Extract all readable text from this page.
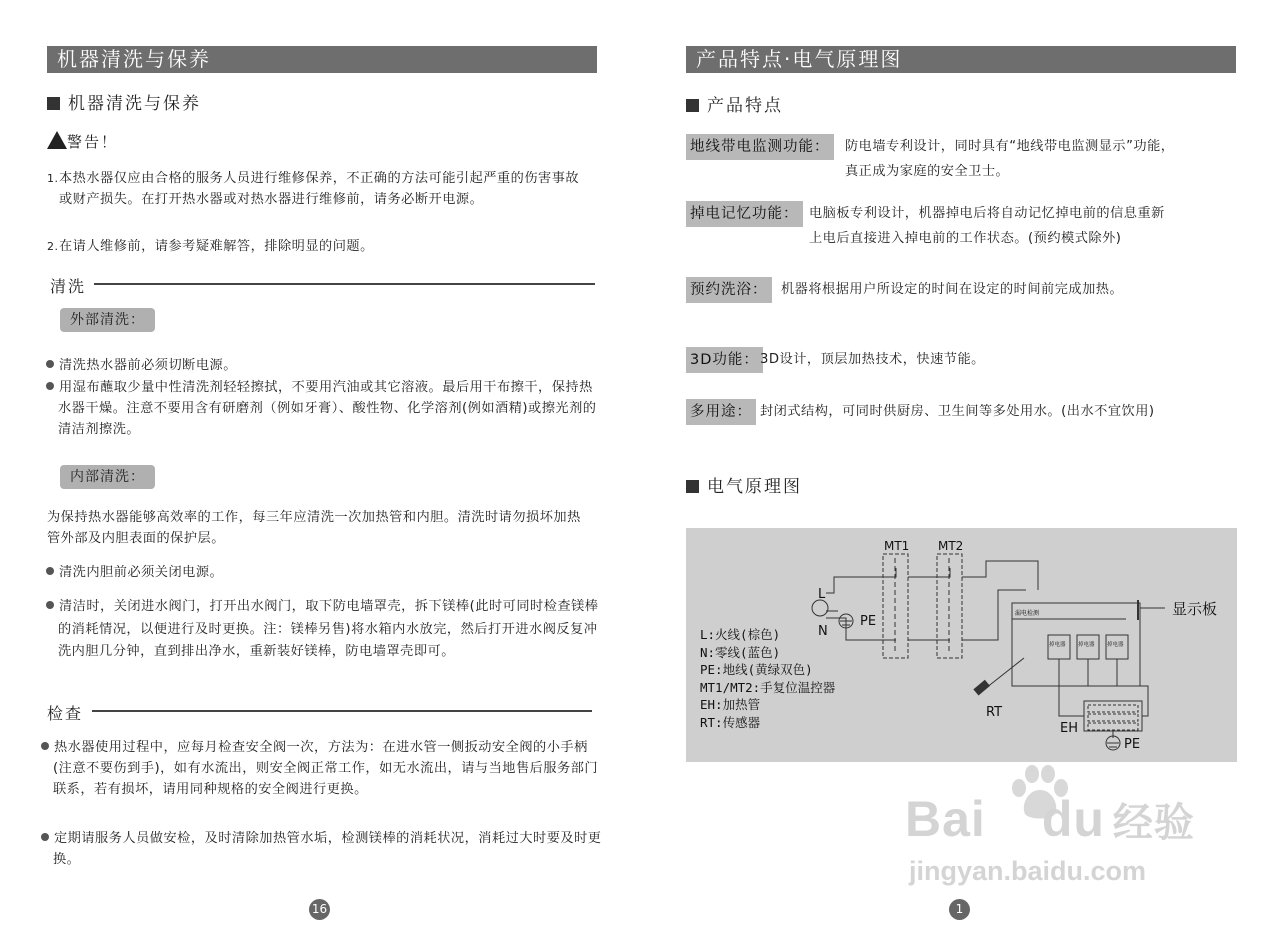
机器清洗与保养
机器清洗与保养
警告！
1. 本热水器仅应由合格的服务人员进行维修保养，不正确的方法可能引起严重的伤害事故或财产损失。在打开热水器或对热水器进行维修前，请务必断开电源。
2. 在请人维修前，请参考疑难解答，排除明显的问题。
清洗
外部清洗：
清洗热水器前必须切断电源。
用湿布蘸取少量中性清洗剂轻轻擦拭，不要用汽油或其它溶液。最后用干布擦干，保持热水器干燥。注意不要用含有研磨剂（例如牙膏）、酸性物、化学溶剂(例如酒精)或擦光剂的清洁剂擦洗。
内部清洗：
为保持热水器能够高效率的工作，每三年应清洗一次加热管和内胆。清洗时请勿损坏加热管外部及内胆表面的保护层。
清洗内胆前必须关闭电源。
清洁时，关闭进水阀门，打开出水阀门，取下防电墙罩壳，拆下镁棒(此时可同时检查镁棒的消耗情况，以便进行及时更换。注：镁棒另售)将水箱内水放完，然后打开进水阀反复冲洗内胆几分钟，直到排出净水，重新装好镁棒，防电墙罩壳即可。
检查
热水器使用过程中，应每月检查安全阀一次，方法为：在进水管一侧扳动安全阀的小手柄(注意不要伤到手)，如有水流出，则安全阀正常工作，如无水流出，请与当地售后服务部门联系，若有损坏，请用同种规格的安全阀进行更换。
定期请服务人员做安检，及时清除加热管水垢，检测镁棒的消耗状况，消耗过大时要及时更换。
16
产品特点·电气原理图
产品特点
地线带电监测功能：	防电墙专利设计，同时具有“地线带电监测显示”功能，
真正成为家庭的安全卫士。
掉电记忆功能： 电脑板专利设计，机器掉电后将自动记忆掉电前的信息重新
上电后直接进入掉电前的工作状态。(预约模式除外)
预约洗浴：	机器将根据用户所设定的时间在设定的时间前完成加热。
3D功能： 3D设计，顶层加热技术，快速节能。
多用途： 封闭式结构，可同时供厨房、卫生间等多处用水。(出水不宜饮用)
电气原理图
MT1 MT2
L
N
PE
PE
RT
EH
显示板
漏电检测
掉电器 掉电器 掉电器
L:火线(棕色)
N:零线(蓝色)
PE:地线(黄绿双色)
MT1/MT2:手复位温控器
EH:加热管
RT:传感器
Bai du 经验
jingyan.baidu.com
1
